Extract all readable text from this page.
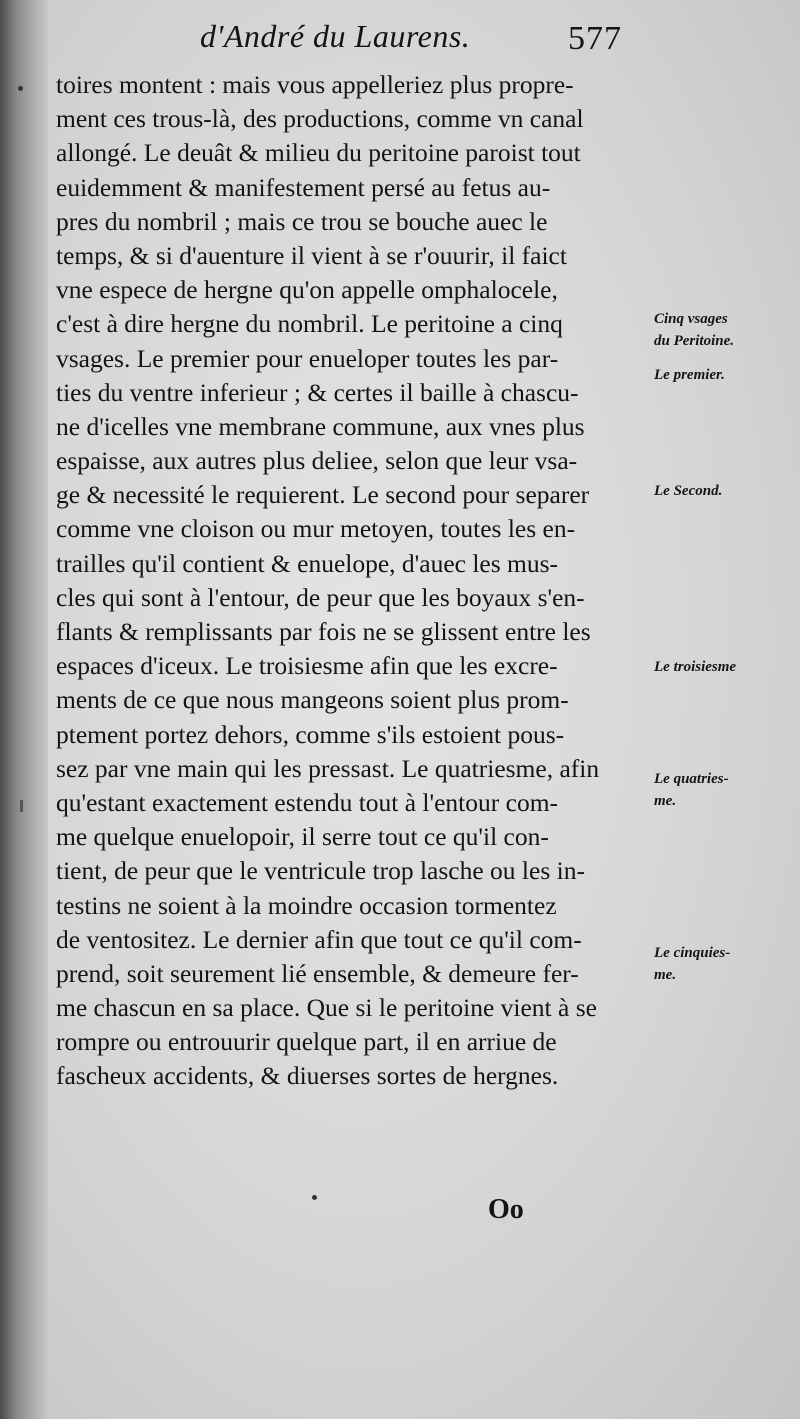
d'André du Laurens.	577
toires montent : mais vous appelleriez plus propre-
ment ces trous-là, des productions, comme vn canal
allongé. Le deuât & milieu du peritoine paroist tout
euidemment & manifestement persé au fetus au-
pres du nombril ; mais ce trou se bouche auec le
temps, & si d'auenture il vient à se r'ouurir, il faict
vne espece de hergne qu'on appelle omphalocele,
c'est à dire hergne du nombril. Le peritoine a cinq
vsages. Le premier pour enueloper toutes les par-
ties du ventre inferieur ; & certes il baille à chascu-
ne d'icelles vne membrane commune, aux vnes plus
espaisse, aux autres plus deliee, selon que leur vsa-
ge & necessité le requierent. Le second pour separer
comme vne cloison ou mur metoyen, toutes les en-
trailles qu'il contient & enuelope, d'auec les mus-
cles qui sont à l'entour, de peur que les boyaux s'en-
flants & remplissants par fois ne se glissent entre les
espaces d'iceux. Le troisiesme afin que les excre-
ments de ce que nous mangeons soient plus prom-
ptement portez dehors, comme s'ils estoient pous-
sez par vne main qui les pressast. Le quatriesme, afin
qu'estant exactement estendu tout à l'entour com-
me quelque enuelopoir, il serre tout ce qu'il con-
tient, de peur que le ventricule trop lasche ou les in-
testins ne soient à la moindre occasion tormentez
de ventositez. Le dernier afin que tout ce qu'il com-
prend, soit seurement lié ensemble, & demeure fer-
me chascun en sa place. Que si le peritoine vient à se
rompre ou entrouurir quelque part, il en arriue de
fascheux accidents, & diuerses sortes de hergnes.
Cinq vsages
du Peritoine.
Le premier.
Le Second.
Le troisiesme
Le quatries-
me.
Le cinquies-
me.
Oo
